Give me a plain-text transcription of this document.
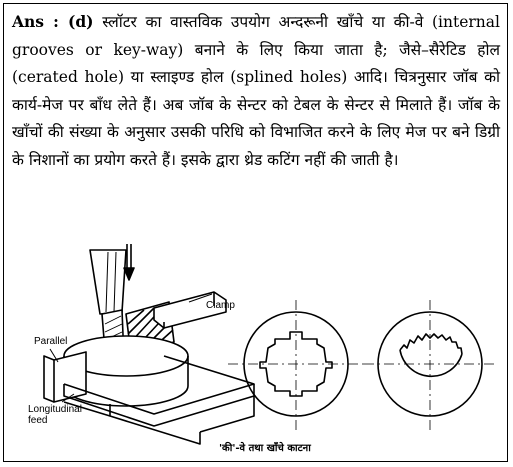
Ans : (d) स्लॉटर का वास्तविक उपयोग अन्दरूनी खाँचे या की-वे (internal grooves or key-way) बनाने के लिए किया जाता है; जैसे–सैरेटिड होल (cerated hole) या स्लाइण्ड होल (splined holes) आदि। चित्रनुसार जॉब को कार्य-मेज पर बाँध लेते हैं। अब जॉब के सेन्टर को टेबल के सेन्टर से मिलाते हैं। जॉब के खाँचों की संख्या के अनुसार उसकी परिधि को विभाजित करने के लिए मेज पर बने डिग्री के निशानों का प्रयोग करते हैं। इसके द्वारा थ्रेड कटिंग नहीं की जाती है।
Clamp
Parallel
Longitudinal
feed
'की'-वे तथा खाँचे काटना
